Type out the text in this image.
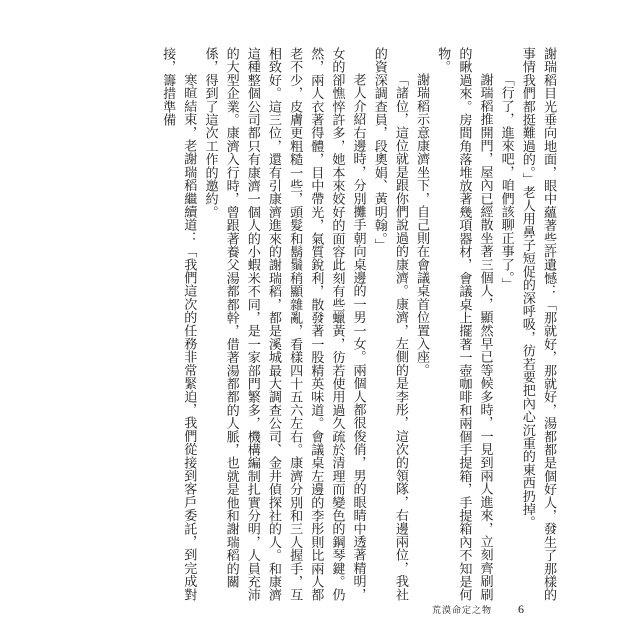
謝瑞稻目光垂向地面，眼中蘊著些許遺憾：「那就好，那就好，湯都都是個好人，發生了那樣的事情我們都挺難過的。」老人用鼻子短促的深呼吸，彷若要把內心沉重的東西扔掉。

「行了，進來吧，咱們該聊正事了。」

謝瑞稻推開門，屋內已經散坐著三個人，顯然早已等候多時，一見到兩人進來，立刻齊刷刷的瞅過來。房間角落堆放著幾項器材，會議桌上擺著一壺咖啡和兩個手提箱，手提箱內不知是何物。

謝瑞稻示意康濟坐下，自己則在會議桌首位置入座。

「諸位，這位就是跟你們說過的康濟。康濟，左側的是李彤，這次的領隊，右邊兩位，我社的資深調查員，段奧娟、黃明翰。」

老人介紹右邊時，分別攤手朝向桌邊的一男一女。兩個人都很俊俏，男的眼睛中透著精明，女的卻憔悴許多，她本來姣好的面容此刻有些蠟黃，彷若使用過久疏於清理而變色的鋼琴鍵。仍然，兩人衣著得體，目中帶光，氣質銳利，散發著一股精英味道。會議桌左邊的李彤則比兩人都老不少，皮膚更粗糙一些，頭髮和鬍鬚稍顯雜亂，看樣四十五六左右。康濟分別和三人握手，互相致好。這三位，還有引康濟進來的謝瑞稻，都是溪城最大調查公司、金井偵探社的人。和康濟這種整個公司都只有康濟一個人的小蝦米不同，是一家部門繁多，機構編制扎實分明，人員充沛的大型企業。康濟入行時，曾跟著養父湯都都幹，借著湯都都的人脈，也就是他和謝瑞稻的關係，得到了這次工作的邀約。

寒暄結束，老謝瑞稻繼續道：「我們這次的任務非常緊迫，我們從接到客戶委託，到完成對接，籌措準備

荒漠命定之物 6
